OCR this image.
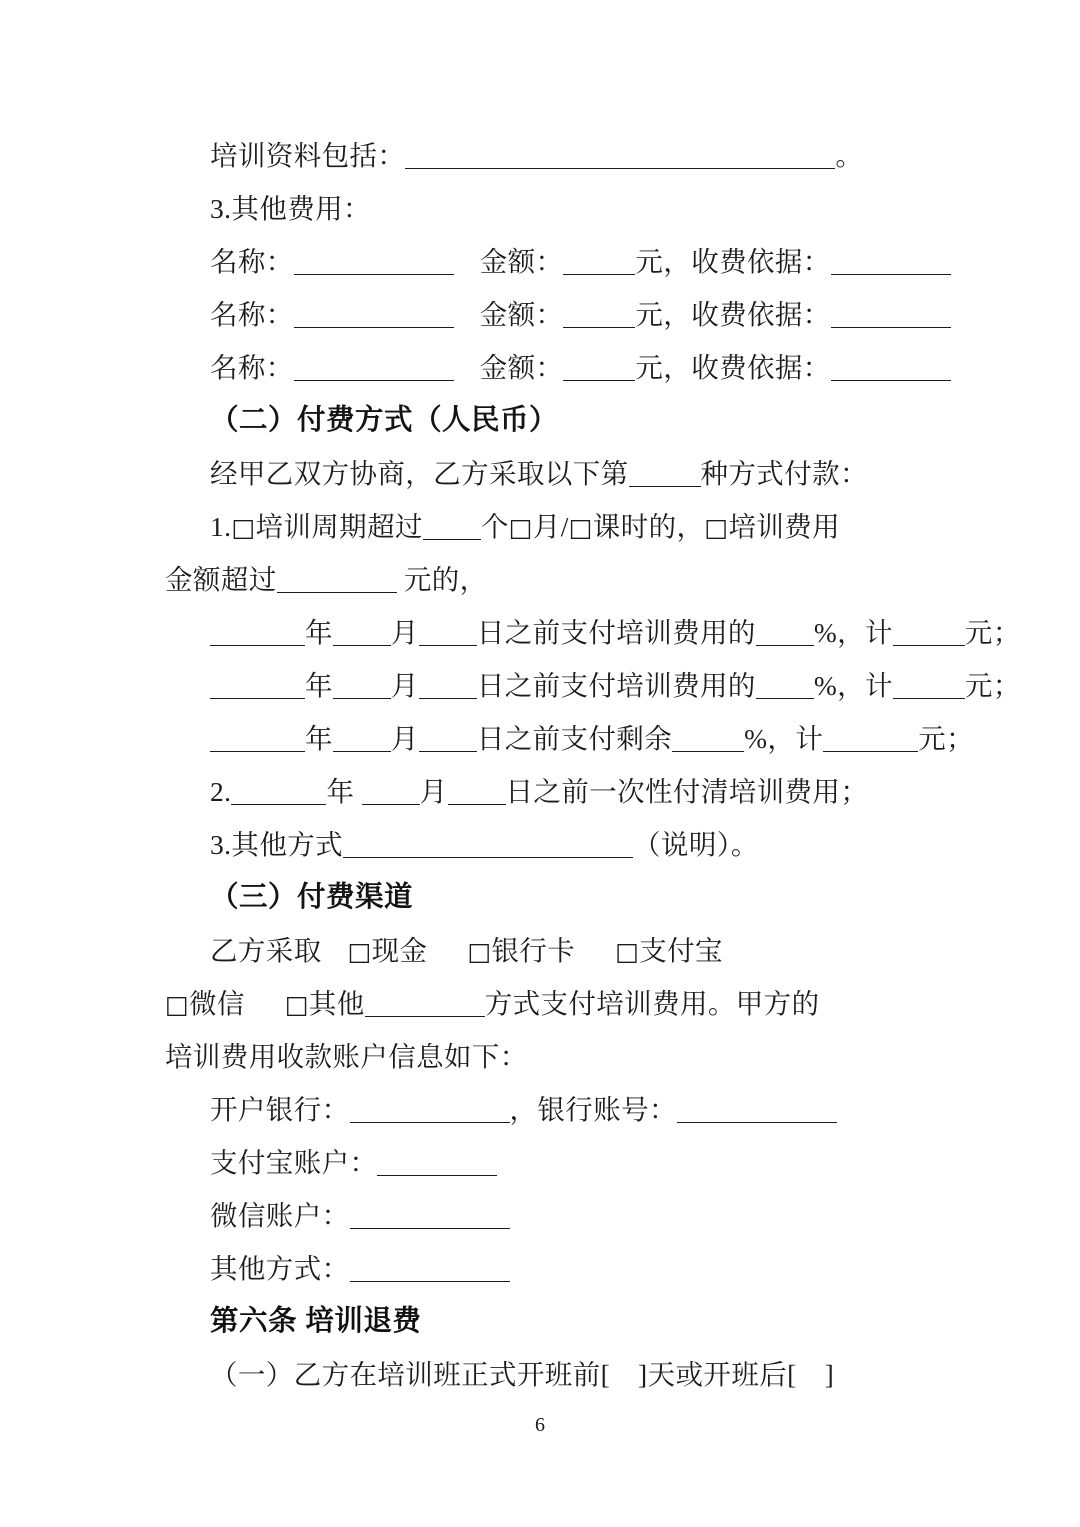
培训资料包括：	。
3.其他费用：
名称：	金额：	元，收费依据：
名称：	金额：	元，收费依据：
名称：	金额：	元，收费依据：
（二）付费方式（人民币）
经甲乙双方协商，乙方采取以下第	种方式付款：
1.□培训周期超过 个□月/□课时的，□培训费用
金额超过	元的，
年 月 日之前支付培训费用的 %，计	元；
年 月 日之前支付培训费用的 %，计	元；
年 月 日之前支付剩余	%，计	元；
2.	年 月 日之前一次性付清培训费用；
3.其他方式	（说明）。
（三）付费渠道
乙方采取 □现金 □银行卡 □支付宝
□微信 □其他	方式支付培训费用。甲方的
培训费用收款账户信息如下：
开户银行：	，银行账号：
支付宝账户：
微信账户：
其他方式：
第六条 培训退费
（一）乙方在培训班正式开班前[　]天或开班后[　]
6
